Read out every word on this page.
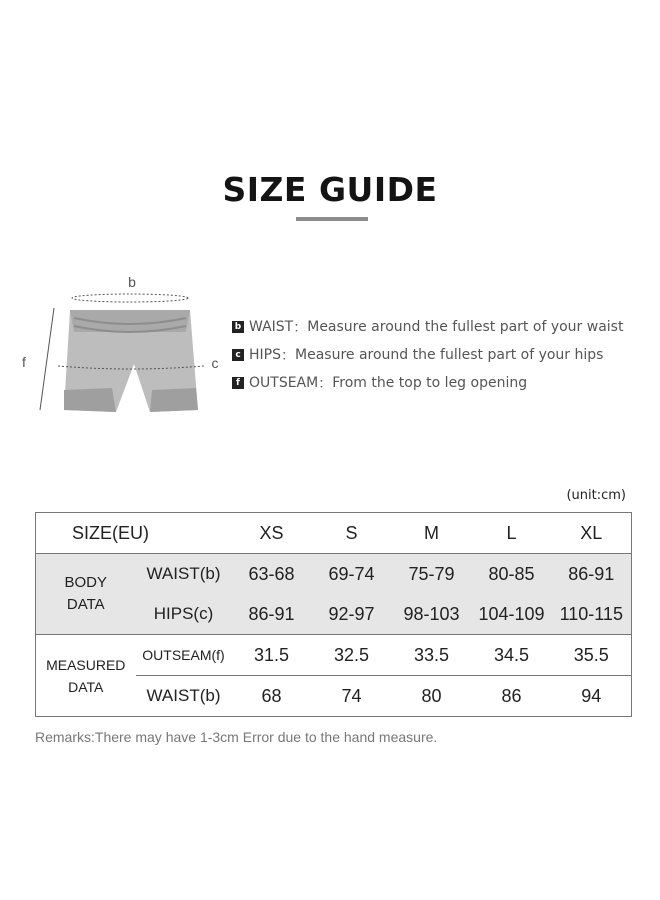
SIZE GUIDE
b
c
f
b WAIST ： Measure around the fullest part of your waist
c HIPS ： Measure around the fullest part of your hips
f OUTSEAM ： From the top to leg opening
(unit:cm)
SIZE(EU)		XS	S	M	L	XL
BODY DATA	WAIST(b)	63-68	69-74	75-79	80-85	86-91
	HIPS(c)	86-91	92-97	98-103	104-109	110-115
MEASURED DATA	OUTSEAM(f)	31.5	32.5	33.5	34.5	35.5
	WAIST(b)	68	74	80	86	94
Remarks:There may have 1-3cm Error due to the hand measure.
